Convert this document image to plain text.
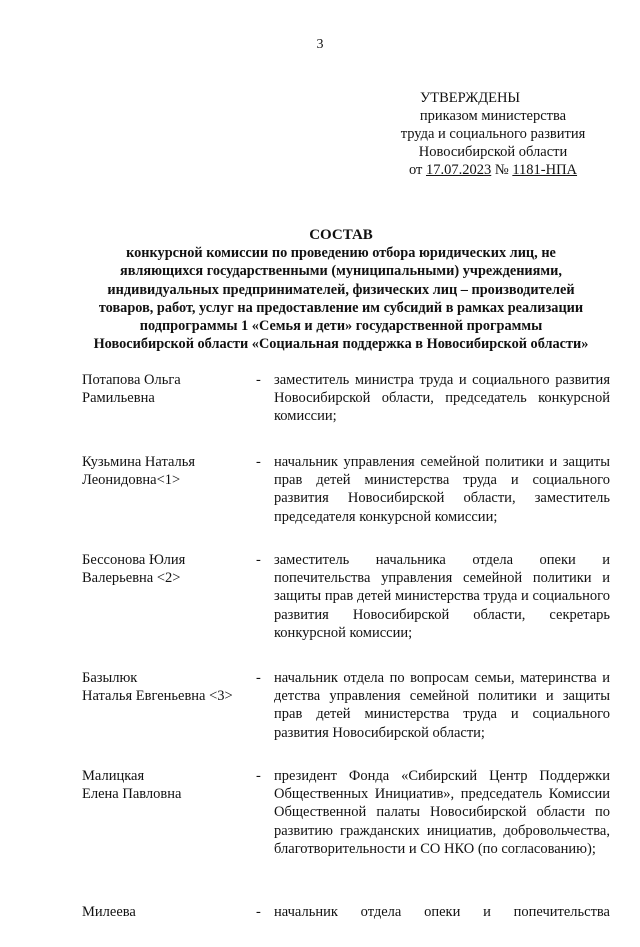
3
УТВЕРЖДЕНЫ
приказом министерства
труда и социального развития
Новосибирской области
от 17.07.2023 № 1181-НПА
СОСТАВ
конкурсной комиссии по проведению отбора юридических лиц, не
являющихся государственными (муниципальными) учреждениями,
индивидуальных предпринимателей, физических лиц – производителей
товаров, работ, услуг на предоставление им субсидий в рамках реализации
подпрограммы 1 «Семья и дети» государственной программы
Новосибирской области «Социальная поддержка в Новосибирской области»
Потапова Ольга
Рамильевна
- заместитель министра труда и социального развития Новосибирской области, председатель конкурсной комиссии;
Кузьмина Наталья
Леонидовна<1>
- начальник управления семейной политики и защиты прав детей министерства труда и социального развития Новосибирской области, заместитель председателя конкурсной комиссии;
Бессонова Юлия
Валерьевна <2>
- заместитель начальника отдела опеки и попечительства управления семейной политики и защиты прав детей министерства труда и социального развития Новосибирской области, секретарь конкурсной комиссии;
Базылюк
Наталья Евгеньевна <3>
- начальник отдела по вопросам семьи, материнства и детства управления семейной политики и защиты прав детей министерства труда и социального развития Новосибирской области;
Малицкая
Елена Павловна
- президент Фонда «Сибирский Центр Поддержки Общественных Инициатив», председатель Комиссии Общественной палаты Новосибирской области по развитию гражданских инициатив, добровольчества, благотворительности и СО НКО (по согласованию);
Милеева	- начальник отдела опеки и попечительства
